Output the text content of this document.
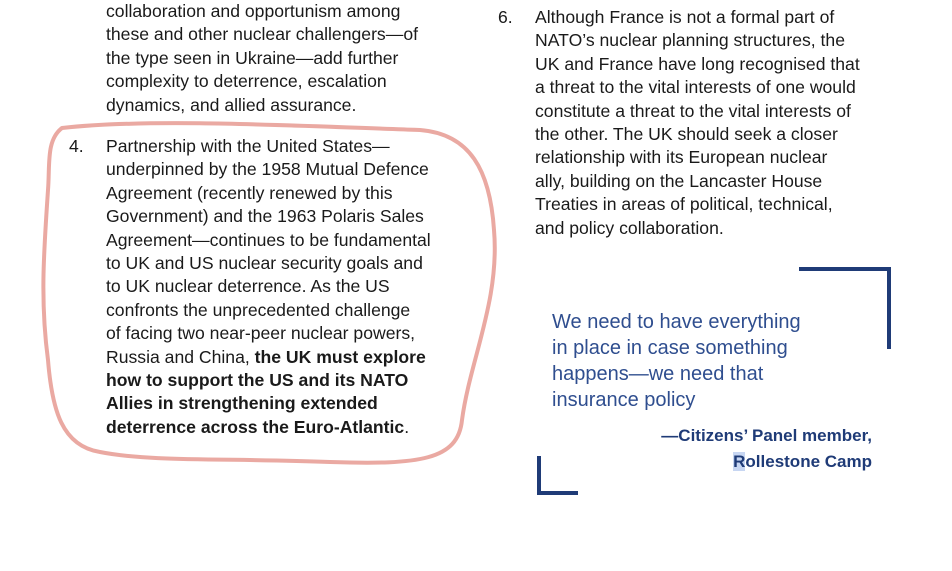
collaboration and opportunism among
these and other nuclear challengers—of
the type seen in Ukraine—add further
complexity to deterrence, escalation
dynamics, and allied assurance.
4. Partnership with the United States—
underpinned by the 1958 Mutual Defence
Agreement (recently renewed by this
Government) and the 1963 Polaris Sales
Agreement—continues to be fundamental
to UK and US nuclear security goals and
to UK nuclear deterrence. As the US
confronts the unprecedented challenge
of facing two near-peer nuclear powers,
Russia and China, the UK must explore
how to support the US and its NATO
Allies in strengthening extended
deterrence across the Euro-Atlantic.
6. Although France is not a formal part of
NATO’s nuclear planning structures, the
UK and France have long recognised that
a threat to the vital interests of one would
constitute a threat to the vital interests of
the other. The UK should seek a closer
relationship with its European nuclear
ally, building on the Lancaster House
Treaties in areas of political, technical,
and policy collaboration.
We need to have everything
in place in case something
happens—we need that
insurance policy
—Citizens’ Panel member,
Rollestone Camp
